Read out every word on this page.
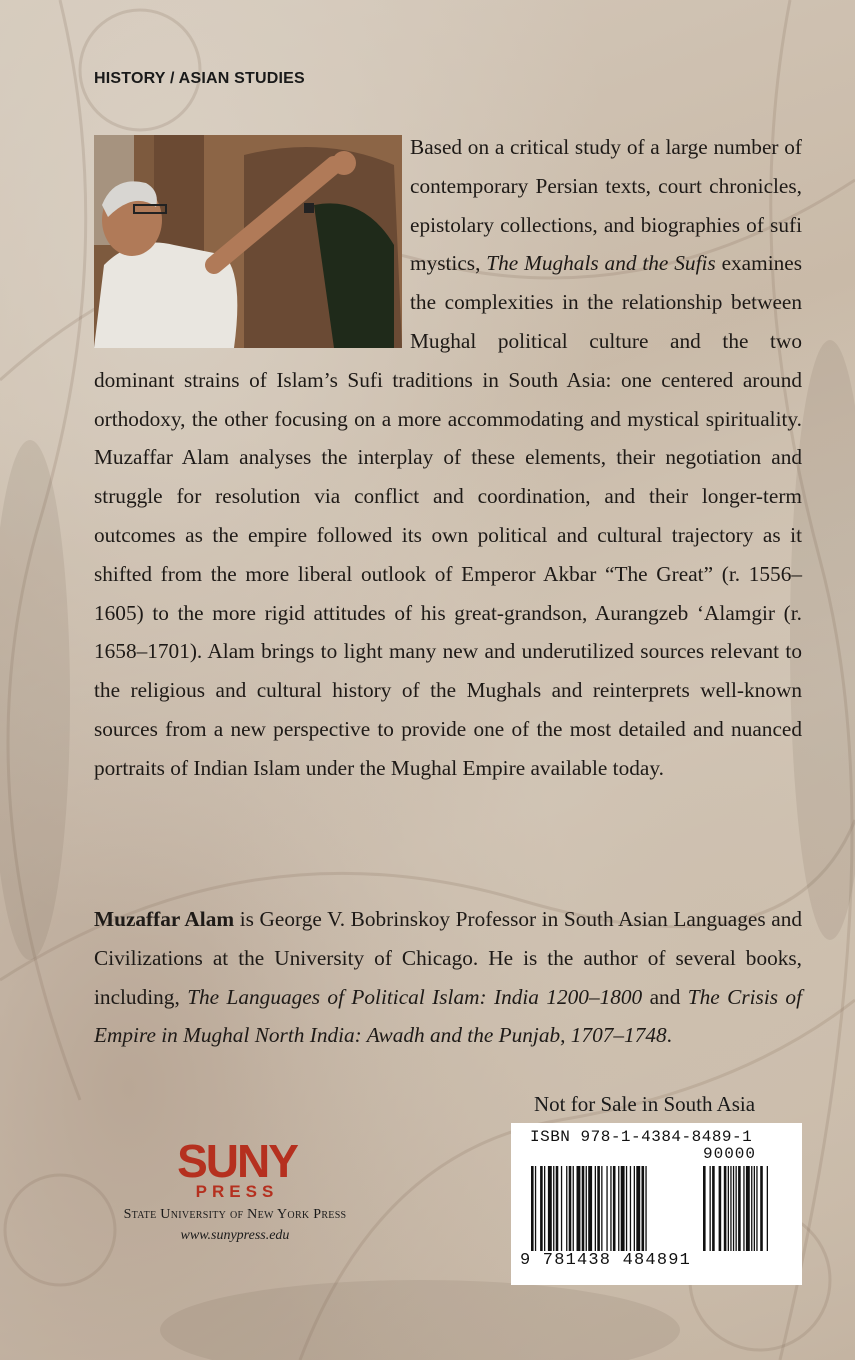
HISTORY / ASIAN STUDIES

Based on a critical study of a large number of contemporary Persian texts, court chronicles, epistolary collections, and biographies of sufi mystics, The Mughals and the Sufis examines the complexities in the relationship between Mughal political culture and the two dominant strains of Islam’s Sufi traditions in South Asia: one centered around orthodoxy, the other focusing on a more accommodating and mystical spirituality. Muzaffar Alam analyses the interplay of these elements, their negotiation and struggle for resolution via conflict and coordination, and their longer-term outcomes as the empire followed its own political and cultural trajectory as it shifted from the more liberal outlook of Emperor Akbar “The Great” (r. 1556–1605) to the more rigid attitudes of his great-grandson, Aurangzeb ‘Alamgir (r. 1658–1701). Alam brings to light many new and underutilized sources relevant to the religious and cultural history of the Mughals and reinterprets well-known sources from a new perspective to provide one of the most detailed and nuanced portraits of Indian Islam under the Mughal Empire available today.

Muzaffar Alam is George V. Bobrinskoy Professor in South Asian Languages and Civilizations at the University of Chicago. He is the author of several books, including, The Languages of Political Islam: India 1200–1800 and The Crisis of Empire in Mughal North India: Awadh and the Punjab, 1707–1748.

Not for Sale in South Asia
ISBN 978-1-4384-8489-1
90000
9 781438 484891
SUNY
PRESS
State University of New York Press
www.sunypress.edu
